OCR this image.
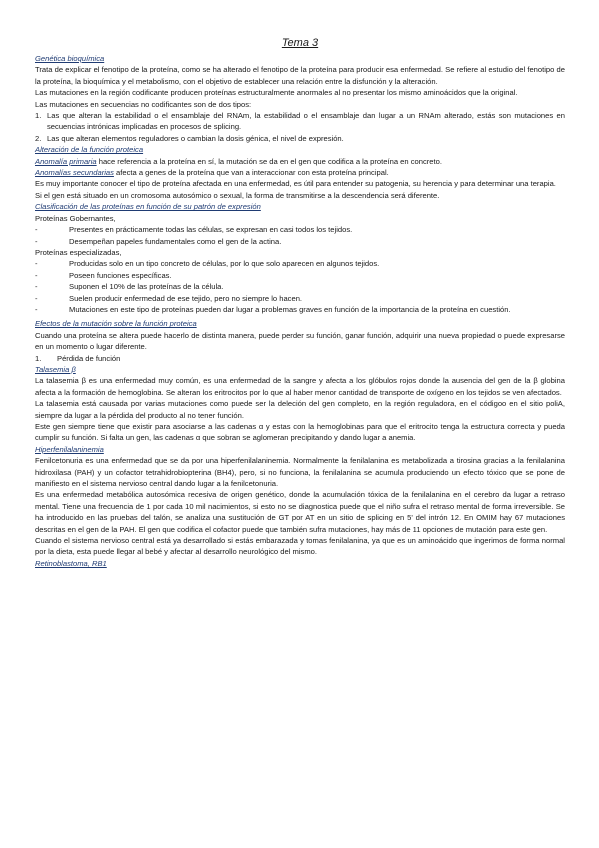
Tema 3

Genética bioquímica

Trata de explicar el fenotipo de la proteína, como se ha alterado el fenotipo de la proteína para producir esa enfermedad. Se refiere al estudio del fenotipo de la proteína, la bioquímica y el metabolismo, con el objetivo de establecer una relación entre la disfunción y la alteración.

Las mutaciones en la región codificante producen proteínas estructuralmente anormales al no presentar los mismo aminoácidos que la original.

Las mutaciones en secuencias no codificantes son de dos tipos:

1. Las que alteran la estabilidad o el ensamblaje del RNAm, la estabilidad o el ensamblaje dan lugar a un RNAm alterado, estás son mutaciones en secuencias intrónicas implicadas en procesos de splicing.
2. Las que alteran elementos reguladores o cambian la dosis génica, el nivel de expresión.

Alteración de la función proteica

Anomalía primaria hace referencia a la proteína en sí, la mutación se da en el gen que codifica a la proteína en concreto.

Anomalías secundarias afecta a genes de la proteína que van a interaccionar con esta proteína principal.

Es muy importante conocer el tipo de proteína afectada en una enfermedad, es útil para entender su patogenia, su herencia y para determinar una terapia.

Si el gen está situado en un cromosoma autosómico o sexual, la forma de transmitirse a la descendencia será diferente.

Clasificación de las proteínas en función de su patrón de expresión

Proteínas Gobernantes,

-	Presentes en prácticamente todas las células, se expresan en casi todos los tejidos.
-	Desempeñan papeles fundamentales como el gen de la actina.

Proteínas especializadas,

-	Producidas solo en un tipo concreto de células, por lo que solo aparecen en algunos tejidos.
-	Poseen funciones específicas.
-	Suponen el 10% de las proteínas de la célula.
-	Suelen producir enfermedad de ese tejido, pero no siempre lo hacen.
-	Mutaciones en este tipo de proteínas pueden dar lugar a problemas graves en función de la importancia de la proteína en cuestión.

Efectos de la mutación sobre la función proteica

Cuando una proteína se altera puede hacerlo de distinta manera, puede perder su función, ganar función, adquirir una nueva propiedad o puede expresarse en un momento o lugar diferente.

1.	Pérdida de función

Talasemia β

La talasemia β es una enfermedad muy común, es una enfermedad de la sangre y afecta a los glóbulos rojos donde la ausencia del gen de la β globina afecta a la formación de hemoglobina. Se alteran los eritrocitos por lo que al haber menor cantidad de transporte de oxígeno en los tejidos se ven afectados.

La talasemia está causada por varias mutaciones como puede ser la deleción del gen completo, en la región reguladora, en el códigoo en el sitio poliA, siempre da lugar a la pérdida del producto al no tener función.

Este gen siempre tiene que existir para asociarse a las cadenas α y estas con la hemoglobinas para que el eritrocito tenga la estructura correcta y pueda cumplir su función. Si falta un gen, las cadenas α que sobran se aglomeran precipitando y dando lugar a anemia.

Hiperfenilalaninemia

Fenilcetonuria es una enfermedad que se da por una hiperfenilalaninemia. Normalmente la fenilalanina es metabolizada a tirosina gracias a la fenilalanina hidroxilasa (PAH) y un cofactor tetrahidrobiopterina (BH4), pero, si no funciona, la fenilalanina se acumula produciendo un efecto tóxico que se pone de manifiesto en el sistema nervioso central dando lugar a la fenilcetonuria.

Es una enfermedad metabólica autosómica recesiva de origen genético, donde la acumulación tóxica de la fenilalanina en el cerebro da lugar a retraso mental. Tiene una frecuencia de 1 por cada 10 mil nacimientos, si esto no se diagnostica puede que el niño sufra el retraso mental de forma irreversible. Se ha introducido en las pruebas del talón, se analiza una sustitución de GT por AT en un sitio de splicing en 5' del intrón 12. En OMIM hay 67 mutaciones descritas en el gen de la PAH. El gen que codifica el cofactor puede que también sufra mutaciones, hay más de 11 opciones de mutación para este gen.

Cuando el sistema nervioso central está ya desarrollado si estás embarazada y tomas fenilalanina, ya que es un aminoácido que ingerimos de forma normal por la dieta, esta puede llegar al bebé y afectar al desarrollo neurológico del mismo.

Retinoblastoma, RB1
